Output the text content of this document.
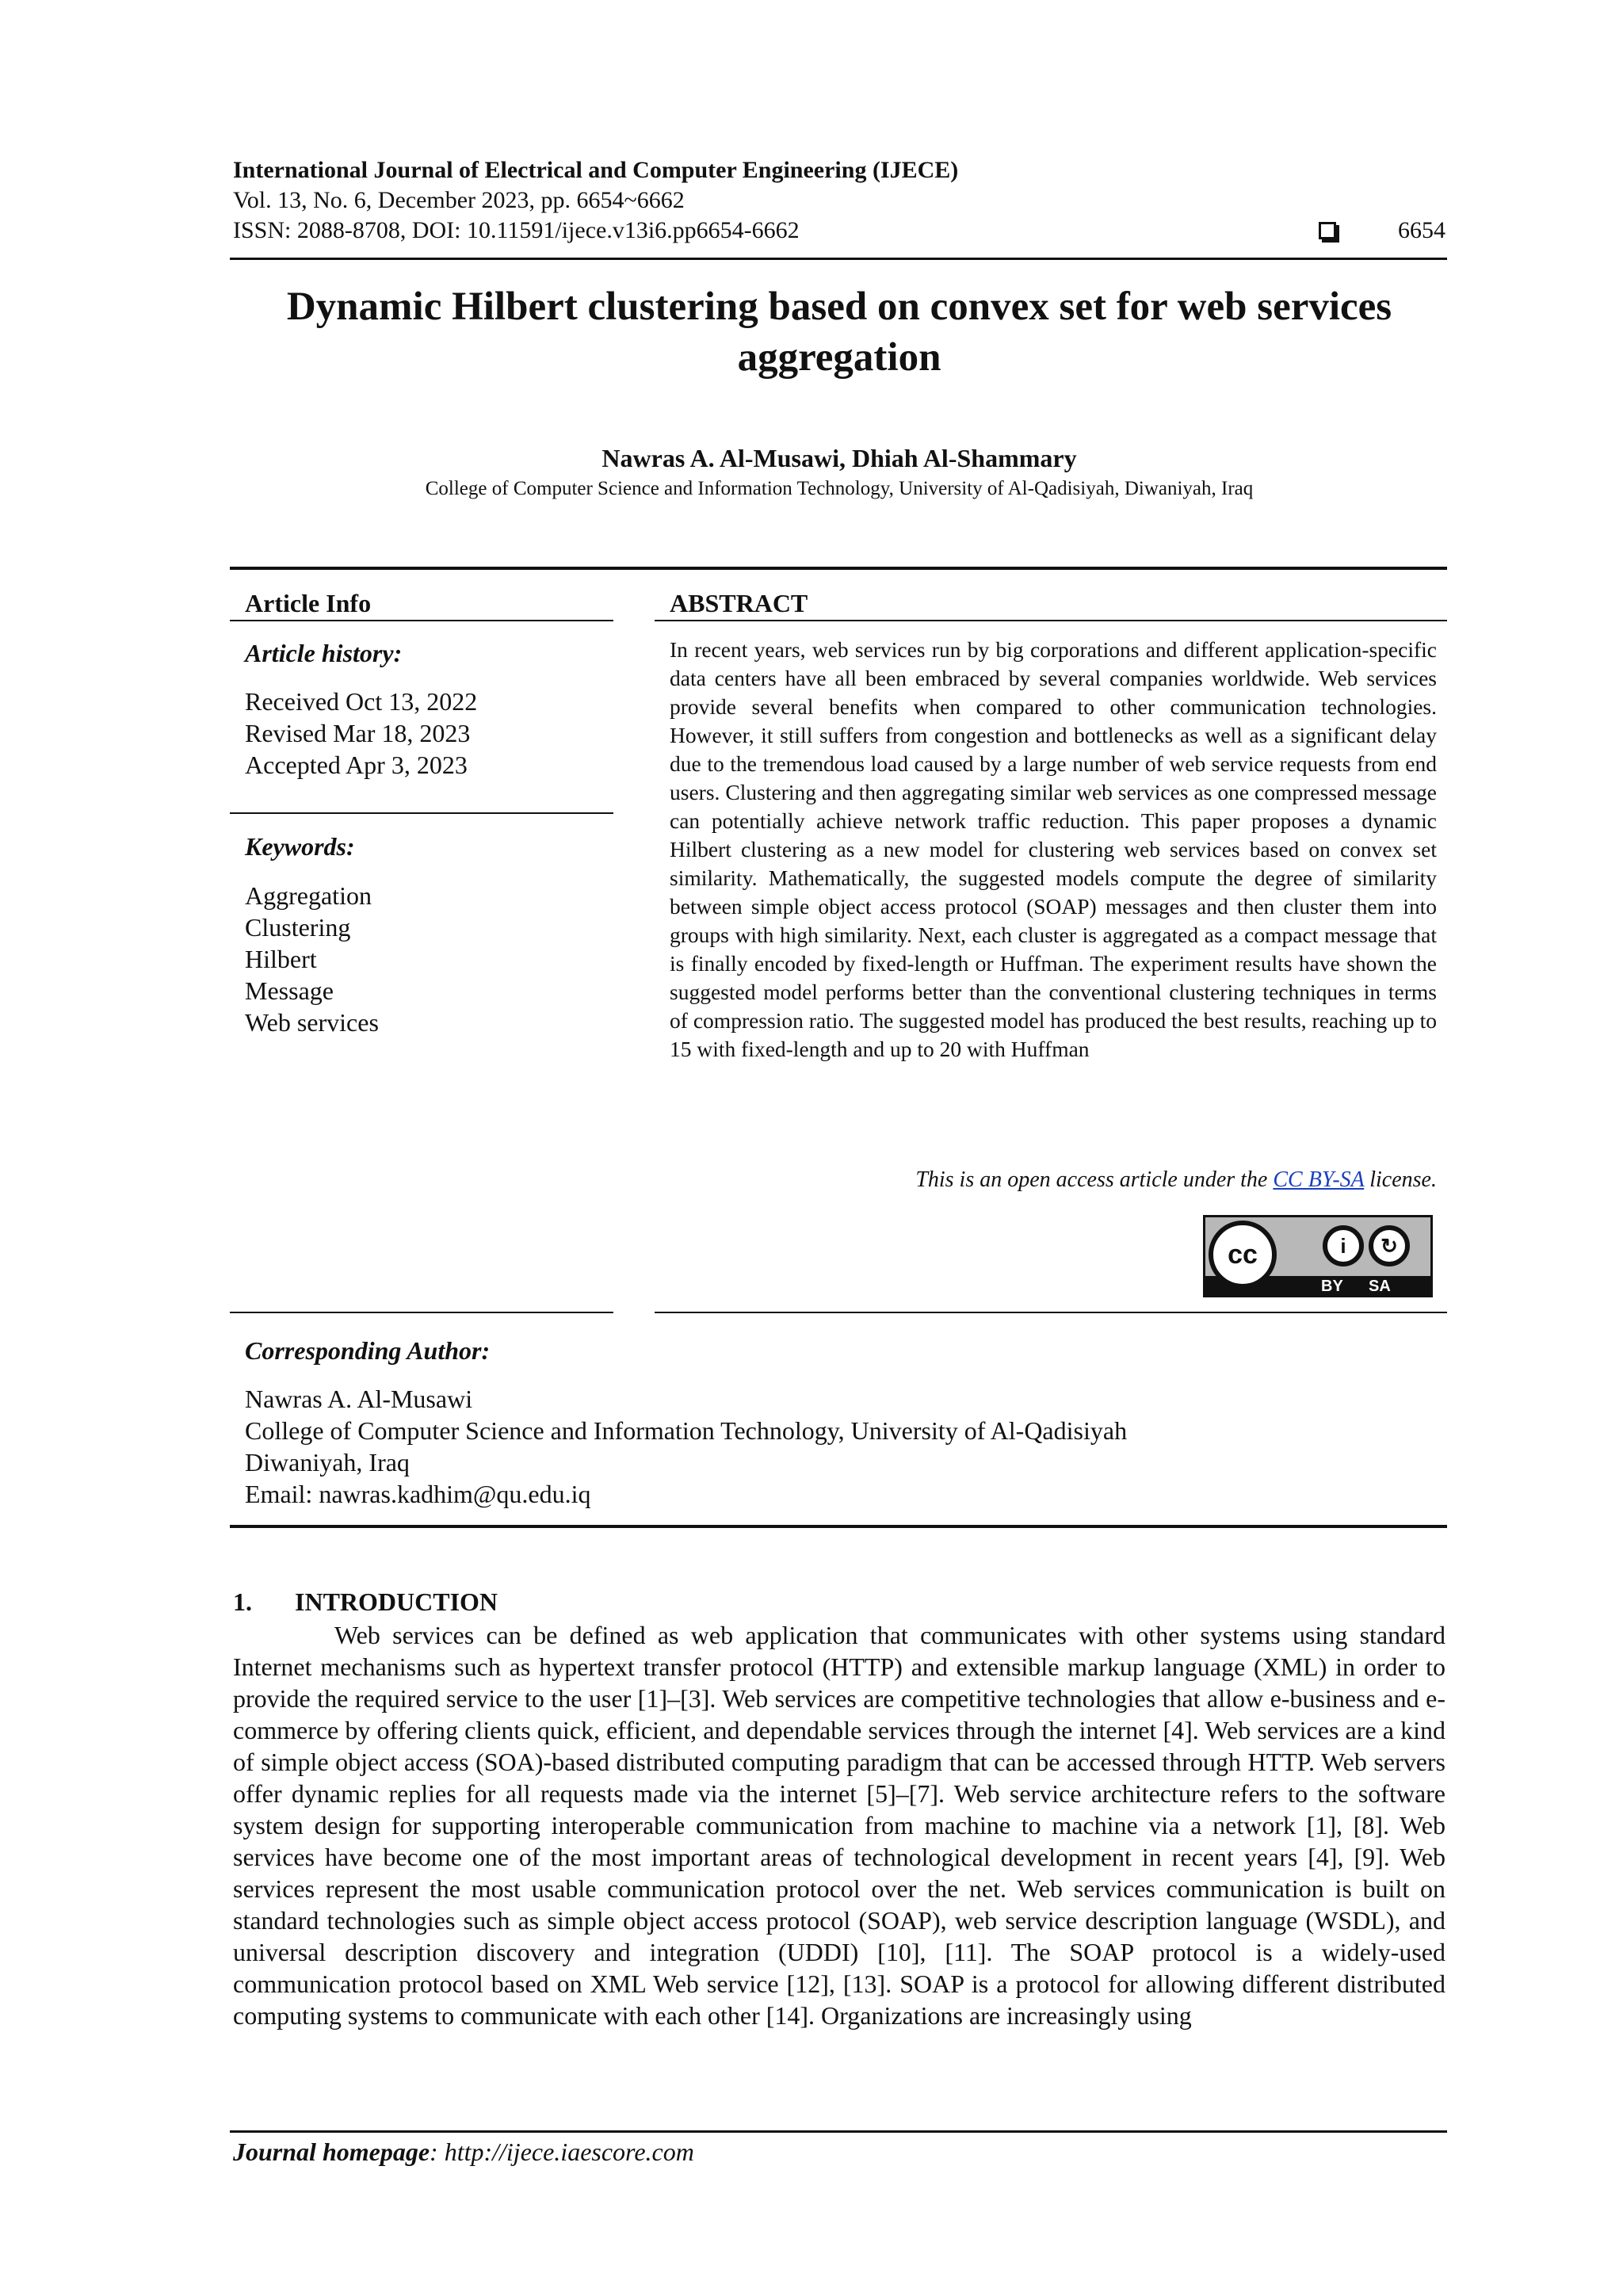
International Journal of Electrical and Computer Engineering (IJECE)
Vol. 13, No. 6, December 2023, pp. 6654~6662
ISSN: 2088-8708, DOI: 10.11591/ijece.v13i6.pp6654-6662	6654
Dynamic Hilbert clustering based on convex set for web services aggregation
Nawras A. Al-Musawi, Dhiah Al-Shammary
College of Computer Science and Information Technology, University of Al-Qadisiyah, Diwaniyah, Iraq
Article Info	ABSTRACT
Article history:
Received Oct 13, 2022
Revised Mar 18, 2023
Accepted Apr 3, 2023
Keywords:
Aggregation
Clustering
Hilbert
Message
Web services
In recent years, web services run by big corporations and different application-specific data centers have all been embraced by several companies worldwide. Web services provide several benefits when compared to other communication technologies. However, it still suffers from congestion and bottlenecks as well as a significant delay due to the tremendous load caused by a large number of web service requests from end users. Clustering and then aggregating similar web services as one compressed message can potentially achieve network traffic reduction. This paper proposes a dynamic Hilbert clustering as a new model for clustering web services based on convex set similarity. Mathematically, the suggested models compute the degree of similarity between simple object access protocol (SOAP) messages and then cluster them into groups with high similarity. Next, each cluster is aggregated as a compact message that is finally encoded by fixed-length or Huffman. The experiment results have shown the suggested model performs better than the conventional clustering techniques in terms of compression ratio. The suggested model has produced the best results, reaching up to 15 with fixed-length and up to 20 with Huffman
This is an open access article under the CC BY-SA license.
cc	i	↻
BY SA
Corresponding Author:
Nawras A. Al-Musawi
College of Computer Science and Information Technology, University of Al-Qadisiyah
Diwaniyah, Iraq
Email: nawras.kadhim@qu.edu.iq
1. INTRODUCTION
Web services can be defined as web application that communicates with other systems using standard Internet mechanisms such as hypertext transfer protocol (HTTP) and extensible markup language (XML) in order to provide the required service to the user [1]–[3]. Web services are competitive technologies that allow e-business and e-commerce by offering clients quick, efficient, and dependable services through the internet [4]. Web services are a kind of simple object access (SOA)-based distributed computing paradigm that can be accessed through HTTP. Web servers offer dynamic replies for all requests made via the internet [5]–[7]. Web service architecture refers to the software system design for supporting interoperable communication from machine to machine via a network [1], [8]. Web services have become one of the most important areas of technological development in recent years [4], [9]. Web services represent the most usable communication protocol over the net. Web services communication is built on standard technologies such as simple object access protocol (SOAP), web service description language (WSDL), and universal description discovery and integration (UDDI) [10], [11]. The SOAP protocol is a widely-used communication protocol based on XML Web service [12], [13]. SOAP is a protocol for allowing different distributed computing systems to communicate with each other [14]. Organizations are increasingly using
Journal homepage: http://ijece.iaescore.com
